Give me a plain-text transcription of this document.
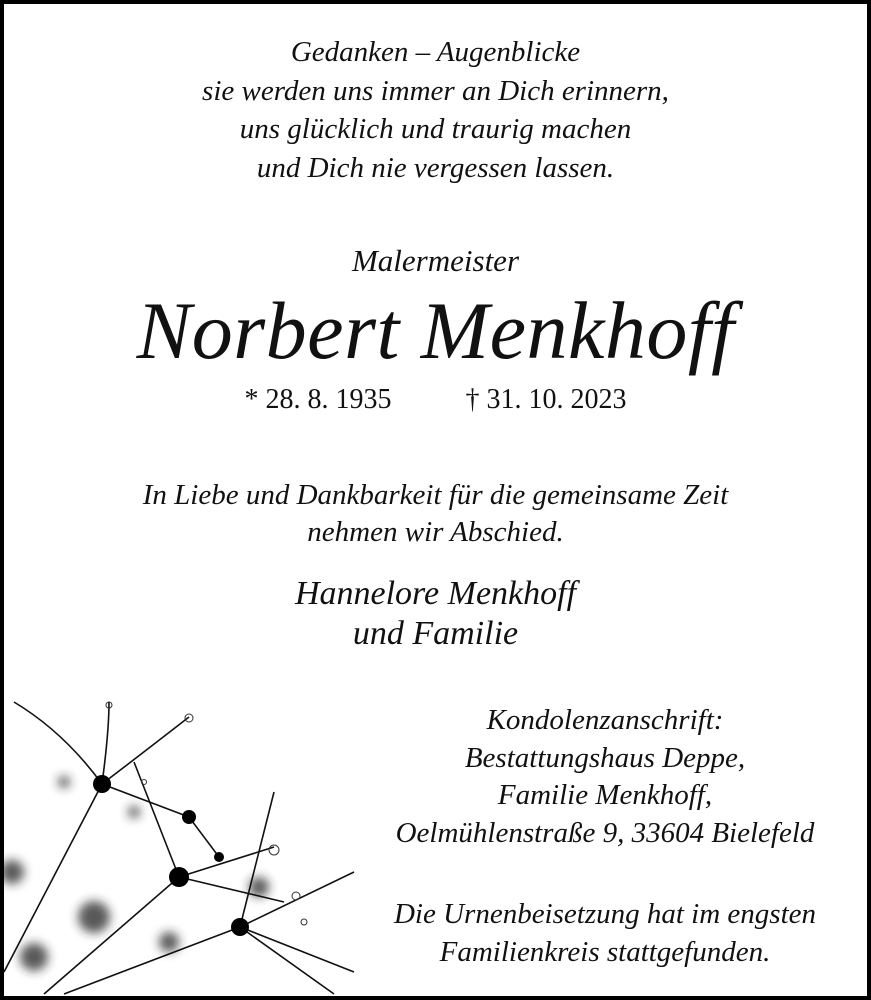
Gedanken – Augenblicke
sie werden uns immer an Dich erinnern,
uns glücklich und traurig machen
und Dich nie vergessen lassen.
Malermeister
Norbert Menkhoff
* 28. 8. 1935	† 31. 10. 2023
In Liebe und Dankbarkeit für die gemeinsame Zeit
nehmen wir Abschied.
Hannelore Menkhoff
und Familie
Kondolenzanschrift:
Bestattungshaus Deppe,
Familie Menkhoff,
Oelmühlenstraße 9, 33604 Bielefeld
Die Urnenbeisetzung hat im engsten
Familienkreis stattgefunden.
